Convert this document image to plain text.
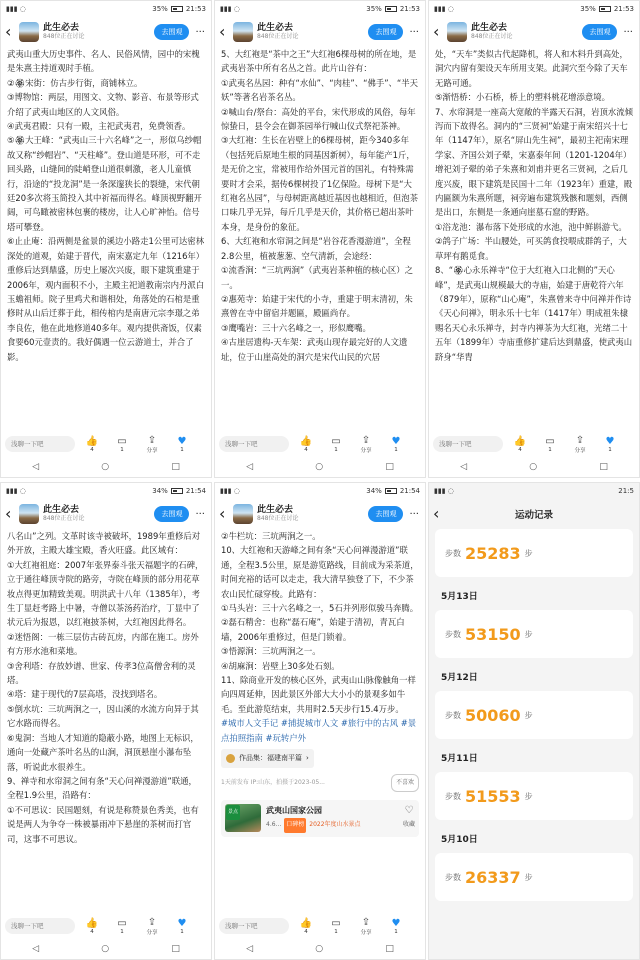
▮▮▮ ◌	35%	21:53
‹	此生必去
848位正在讨论
去围观	···

武夷山重大历史事件、名人、民俗风情，园中的宋槐是朱熹主持道观时手植。

②🏵宋街：仿古步行街，商铺林立。

③博物馆：两层，用图文、文物、影音、布景等形式介绍了武夷山地区的人文风俗。

④武夷君殿：只有一殿，主祀武夷君，免费领香。

⑤🏵大王峰：“武夷山三十六名峰”之一，形似乌纱帽故又称“纱帽岩”、“天柱峰”。登山道是环形，可不走回头路，山缝间的陡峭登山道很刺激，老人儿童慎行，沿途的“投龙洞”是一条深邃狭长的裂缝，宋代朝廷20多次将玉简投入其中祈福而得名。峰顶视野翻开阔，可鸟瞰被密林包裹的楼房，让人心旷神怡。信号塔可攀登。

⑥止止庵：沿两侧是盆景的溪边小路走1公里可达密林深处的道观，始建于晋代，南宋嘉定九年（1216年）重修后达到鼎盛，历史上屡次兴废，眼下建筑重建于2006年，观内面积不小，主殿主祀道教南宗内丹派白玉蟾祖师。院子里鸡犬和谐相处，角落处的石棺是重修时从山后迁葬于此，相传棺内是南唐元宗李璟之弟李良佐，他在此地修道40多年。观内提供斋饭，仅素食要60元壹责的。我好偶遇一位云游道士，并合了影。

浅聊一下吧
👍
4
▭
1
⇪
分享
♥
1
◁	○	□
▮▮▮ ◌	35%	21:53
‹	此生必去
848位正在讨论
去围观	···

5、大红袍是“茶中之王”大红袍6棵母树的所在地，是武夷岩茶中所有名丛之首。此片山谷有：

①武夷名丛园：种有“水仙”、“肉桂”、“佛手”、“半天妖”等著名岩茶名丛。

②喊山台/祭台：高处的平台，宋代形成的风俗，每年惊蛰日，县令会在御茶园举行喊山仪式祭祀茶神。

③大红袍：生长在岩壁上的6棵母树，距今340多年（包括死后原地生根的同基因新树），每年能产1斤，是无价之宝，常被用作给外国元首的国礼，有特殊需要时才会采，据传6棵树投了1亿保险。母树下是“大红袍名丛园”，与母树距离越近基因也越相近，但泡茶口味几乎无异，每斤几乎是天价，其价格已超出茶叶本身，是身份的象征。

6、大红袍和水帘洞之间是“岩谷花香漫游道”，全程2.8公里，植被葱葱、空气清新，会途经：

①流香涧：“三坑两涧”（武夷岩茶种植的核心区）之一。

②惠苑寺：始建于宋代的小寺，重建于明末清初，朱熹曾在寺中留宿并题匾，殿匾尚存。

③鹰嘴岩：三十六名峰之一，形似鹰嘴。

④古崖居遗构-天车架：武夷山现存最完好的人文遗址，位于山崖高处的洞穴是宋代山民的穴居

浅聊一下吧
👍
4
▭
1
⇪
分享
♥
1
◁	○	□
▮▮▮ ◌	35%	21:53
‹	此生必去
848位正在讨论
去围观	···

处，“天车”类似古代起降机，将人和木料升到高处，洞穴内留有架设天车所用支架。此洞穴至今除了天车无路可通。

⑤渐悟桥：小石桥，桥上的塑料桃花增添意境。

7、水帘洞是一座高大宽敞的半露天石洞，岩顶水流倾泻而下故得名。洞内的“三贤祠”始建于南宋绍兴十七年（1147年），原名“屏山先生祠”，最初主祀南宋理学家、齐国公刘子翚，宋嘉泰年间（1201-1204年）增祀刘子翚的弟子朱熹和刘甫并更名三贤祠，之后几度兴废，眼下建筑是民国十二年（1923年）重建，殿内匾额为朱熹所题，祠旁遍布建筑残骸和题刻，西侧是出口，东侧是一条通向崖墓石窟的野路。

①浴龙池：瀑布落下处形成的水池，池中鲜斟游弋。

②鸽子广场：半山腰处，可买鸽食投喂成群鸽子，大草坪有鹅觅食。

8、“🏵心永乐禅寺“位于大红袍入口北侧的”天心峰”，是武夷山规模最大的寺庙，始建于唐乾符六年（879年），原称“山心庵”，朱熹曾来寺中问禅并作诗《天心问禅》，明永乐十七年（1417年）明成祖朱棣赐名天心永乐禅寺，封寺内禅茶为大红袍，光绪二十五年（1899年）寺庙重修扩建后达到鼎盛，使武夷山跻身“华胄

浅聊一下吧
👍
4
▭
1
⇪
分享
♥
1
◁	○	□
▮▮▮ ◌	34%	21:54
‹	此生必去
848位正在讨论
去围观	···

八名山”之列。文革时该寺被破坏，1989年重修后对外开放，主殿大雄宝殿，香火旺盛。此区域有：

①大红袍祖庭：2007年张界泰斗张天福题字的石碑，立于通往峰顶寺院的路旁，寺院在峰顶的部分用花草妆点得更加精致美观。明洪武十八年（1385年），考生丁显赶考路上中暑，寺僧以茶汤药治疗，丁显中了状元后为报恩，以红袍披茶树，大红袍因此得名。

②迷悟阁：一栋三层仿古砖瓦房，内部在施工。房外有方形水池和菜地。

③舍利塔：存放妙谱、世家、传孝3位高僧舍利的灵塔。

④塔：建于现代的7层高塔，没找到塔名。

⑤倒水坑：三坑两涧之一，因山溪的水流方向异于其它水路而得名。

⑥鬼洞：当地人才知道的隐蔽小路，地图上无标识，通向一处藏产茶叶名丛的山涧，洞顶悬崖小瀑布坠落，听说此水很养生。

9、禅寺和水帘洞之间有条“天心问禅漫游道”联通，全程1.9公里，沿路有：

①不可思议：民国题刻，有说是称赞景色秀美，也有说是两人为争夺一株被暴雨冲下悬崖的茶树而打官司，这事不可思议。

浅聊一下吧
👍
4
▭
1
⇪
分享
♥
1
◁	○	□
▮▮▮ ◌	34%	21:54
‹	此生必去
848位正在讨论
去围观	···

②牛栏坑：三坑两涧之一。

10、大红袍和天游峰之间有条“天心问禅漫游道”联通，全程3.5公里，原是游览路线，目前成为采茶道，时间充裕的话可以走走，我大清早独登了下，不少茶农山民忙碌穿梭。此路有：

①马头岩：三十六名峰之一，5石并列形似骏马奔腾。

②磊石精舍：也称“磊石庵”，始建于清初，青瓦白墙，2006年重修过，但是门锁着。

③悟源涧：三坑两涧之一。

④胡麻涧：岩壁上30多处石刻。

11、除商业开发的核心区外，武夷山山脉像触角一样向四周延伸，因此景区外部大大小小的景观多如牛毛。至此游览结束，共用时2.5天步行15.4万步。

#城市人文手记 #捕捉城市人文 #旅行中的古风 #景点拍照指南 #玩转户外

作品集：福建南平篇 ›
1天前发布 IP:山东，拍摄于2023-05...	不喜欢
景点	武夷山国家公园
4.6... 口碑榜 2022年度山水景点
♡
收藏
浅聊一下吧
👍
4
▭
1
⇪
分享
♥
1
◁	○	□
▮▮▮ ◌	21:5
‹	运动记录
步数 25283 步
5月13日
步数 53150 步
5月12日
步数 50060 步
5月11日
步数 51553 步
5月10日
步数 26337 步
